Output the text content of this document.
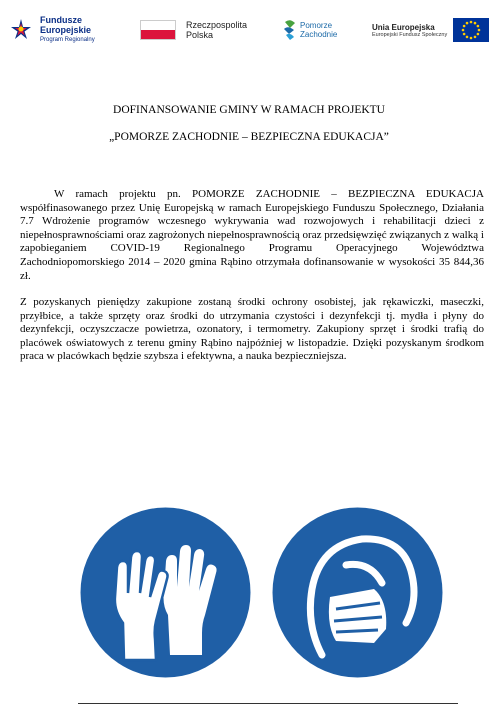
Fundusze
Europejskie
Program Regionalny
Rzeczpospolita
Polska
Pomorze
Zachodnie
Unia Europejska
Europejski Fundusz Społeczny
DOFINANSOWANIE GMINY W RAMACH PROJEKTU
„POMORZE ZACHODNIE – BEZPIECZNA EDUKACJA”
W ramach projektu pn. POMORZE ZACHODNIE – BEZPIECZNA EDUKACJA współfinasowanego przez Unię Europejską w ramach Europejskiego Funduszu Społecznego, Działania 7.7 Wdrożenie programów wczesnego wykrywania wad rozwojowych i rehabilitacji dzieci z niepełnosprawnościami oraz zagrożonych niepełnosprawnością oraz przedsięwzięć związanych z walką i zapobieganiem COVID-19 Regionalnego Programu Operacyjnego Województwa Zachodniopomorskiego 2014 – 2020 gmina Rąbino otrzymała dofinansowanie w wysokości 35 844,36 zł.
Z pozyskanych pieniędzy zakupione zostaną środki ochrony osobistej, jak rękawiczki, maseczki, przyłbice, a także sprzęty oraz środki do utrzymania czystości i dezynfekcji tj. mydła i płyny do dezynfekcji, oczyszczacze powietrza, ozonatory, i termometry. Zakupiony sprzęt i środki trafią do placówek oświatowych z terenu gminy Rąbino najpóźniej w listopadzie. Dzięki pozyskanym środkom praca w placówkach będzie szybsza i efektywna, a nauka bezpieczniejsza.
